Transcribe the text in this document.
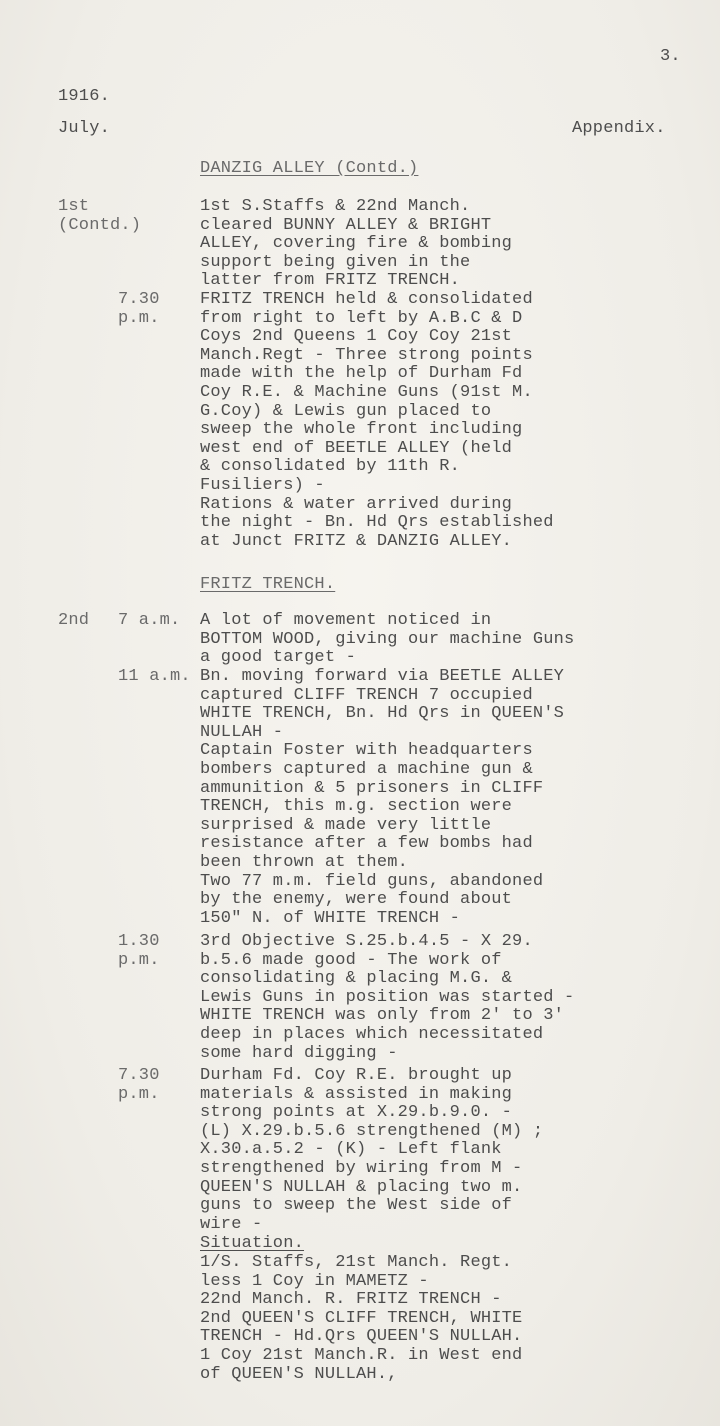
3.
1916.
July.	Appendix.
DANZIG ALLEY (Contd.)
1st
(Contd.)
1st S.Staffs & 22nd Manch.
cleared BUNNY ALLEY & BRIGHT
ALLEY, covering fire & bombing
support being given in the
latter from FRITZ TRENCH.
7.30
p.m.
FRITZ TRENCH held & consolidated
from right to left by A.B.C & D
Coys 2nd Queens 1 Coy Coy 21st
Manch.Regt - Three strong points
made with the help of Durham Fd
Coy R.E. & Machine Guns (91st M.
G.Coy) & Lewis gun placed to
sweep the whole front including
west end of BEETLE ALLEY (held
& consolidated by 11th R.
Fusiliers) -
Rations & water arrived during
the night - Bn. Hd Qrs established
at Junct FRITZ & DANZIG ALLEY.
FRITZ TRENCH.
2nd 7 a.m. A lot of movement noticed in
BOTTOM WOOD, giving our machine Guns
a good target -
11 a.m. Bn. moving forward via BEETLE ALLEY
captured CLIFF TRENCH 7 occupied
WHITE TRENCH, Bn. Hd Qrs in QUEEN'S
NULLAH -
Captain Foster with headquarters
bombers captured a machine gun &
ammunition & 5 prisoners in CLIFF
TRENCH, this m.g. section were
surprised & made very little
resistance after a few bombs had
been thrown at them.
Two 77 m.m. field guns, abandoned
by the enemy, were found about
150" N. of WHITE TRENCH -
1.30
p.m.
3rd Objective S.25.b.4.5 - X 29.
b.5.6 made good - The work of
consolidating & placing M.G. &
Lewis Guns in position was started -
WHITE TRENCH was only from 2' to 3'
deep in places which necessitated
some hard digging -
7.30
p.m.
Durham Fd. Coy R.E. brought up
materials & assisted in making
strong points at X.29.b.9.0. -
(L) X.29.b.5.6 strengthened (M) ;
X.30.a.5.2 - (K) - Left flank
strengthened by wiring from M -
QUEEN'S NULLAH & placing two m.
guns to sweep the West side of
wire -
Situation.
1/S. Staffs, 21st Manch. Regt.
less 1 Coy in MAMETZ -
22nd Manch. R. FRITZ TRENCH -
2nd QUEEN'S CLIFF TRENCH, WHITE
TRENCH - Hd.Qrs QUEEN'S NULLAH.
1 Coy 21st Manch.R. in West end
of QUEEN'S NULLAH.,
